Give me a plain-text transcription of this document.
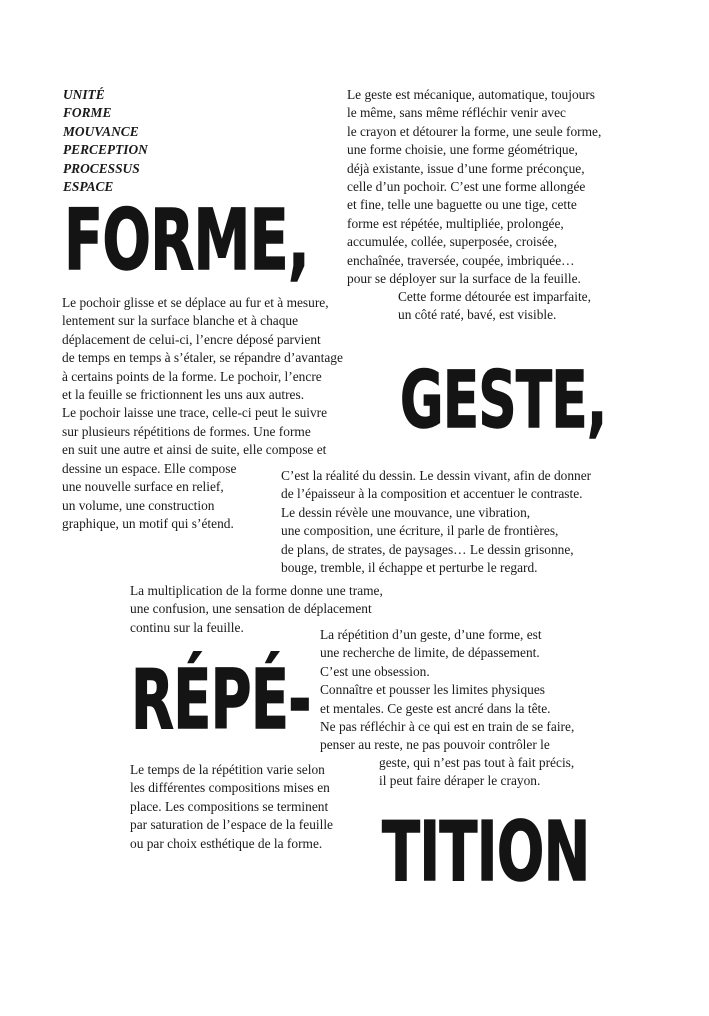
UNITÉ
FORME
MOUVANCE
PERCEPTION
PROCESSUS
ESPACE
FORME,
Le geste est mécanique, automatique, toujours
le même, sans même réfléchir venir avec
le crayon et détourer la forme, une seule forme,
une forme choisie, une forme géométrique,
déjà existante, issue d’une forme préconçue,
celle d’un pochoir. C’est une forme allongée
et fine, telle une baguette ou une tige, cette
forme est répétée, multipliée, prolongée,
accumulée, collée, superposée, croisée,
enchaînée, traversée, coupée, imbriquée…
pour se déployer sur la surface de la feuille.
Cette forme détourée est imparfaite,
un côté raté, bavé, est visible.
Le pochoir glisse et se déplace au fur et à mesure,
lentement sur la surface blanche et à chaque
déplacement de celui-ci, l’encre déposé parvient
de temps en temps à s’étaler, se répandre d’avantage
à certains points de la forme. Le pochoir, l’encre
et la feuille se frictionnent les uns aux autres.
Le pochoir laisse une trace, celle-ci peut le suivre
sur plusieurs répétitions de formes. Une forme
en suit une autre et ainsi de suite, elle compose et
dessine un espace. Elle compose
une nouvelle surface en relief,
un volume, une construction
graphique, un motif qui s’étend.
GESTE,
C’est la réalité du dessin. Le dessin vivant, afin de donner
de l’épaisseur à la composition et accentuer le contraste.
Le dessin révèle une mouvance, une vibration,
une composition, une écriture, il parle de frontières,
de plans, de strates, de paysages… Le dessin grisonne,
bouge, tremble, il échappe et perturbe le regard.
La multiplication de la forme donne une trame,
une confusion, une sensation de déplacement
continu sur la feuille.
RÉPÉ-
La répétition d’un geste, d’une forme, est
une recherche de limite, de dépassement.
C’est une obsession.
Connaître et pousser les limites physiques
et mentales. Ce geste est ancré dans la tête.
Ne pas réfléchir à ce qui est en train de se faire,
penser au reste, ne pas pouvoir contrôler le
geste, qui n’est pas tout à fait précis,
il peut faire déraper le crayon.
Le temps de la répétition varie selon
les différentes compositions mises en
place. Les compositions se terminent
par saturation de l’espace de la feuille
ou par choix esthétique de la forme. TITION
